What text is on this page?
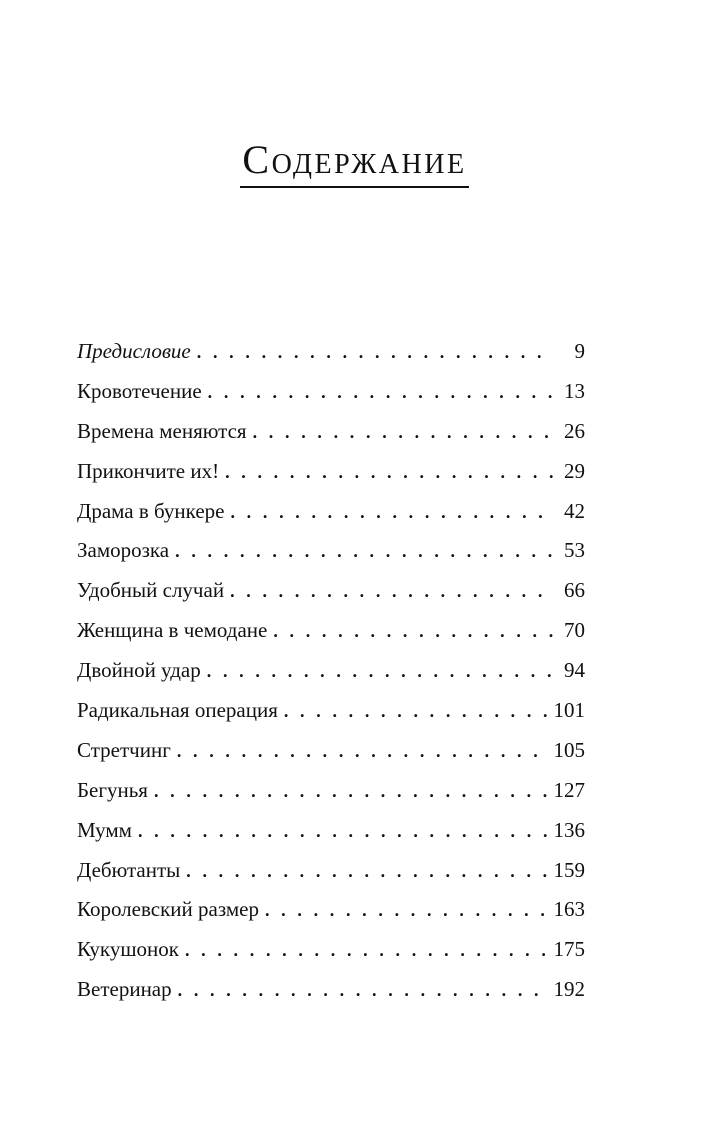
Содержание
Предисловие . . .	9
Кровотечение . . .	13
Времена меняются . . .	26
Прикончите их! . . .	29
Драма в бункере . . .	42
Заморозка . . .	53
Удобный случай . . .	66
Женщина в чемодане . . .	70
Двойной удар . . .	94
Радикальная операция . . .	101
Стретчинг . . .	105
Бегунья . . .	127
Мумм . . .	136
Дебютанты . . .	159
Королевский размер . . .	163
Кукушонок . . .	175
Ветеринар . . .	192
